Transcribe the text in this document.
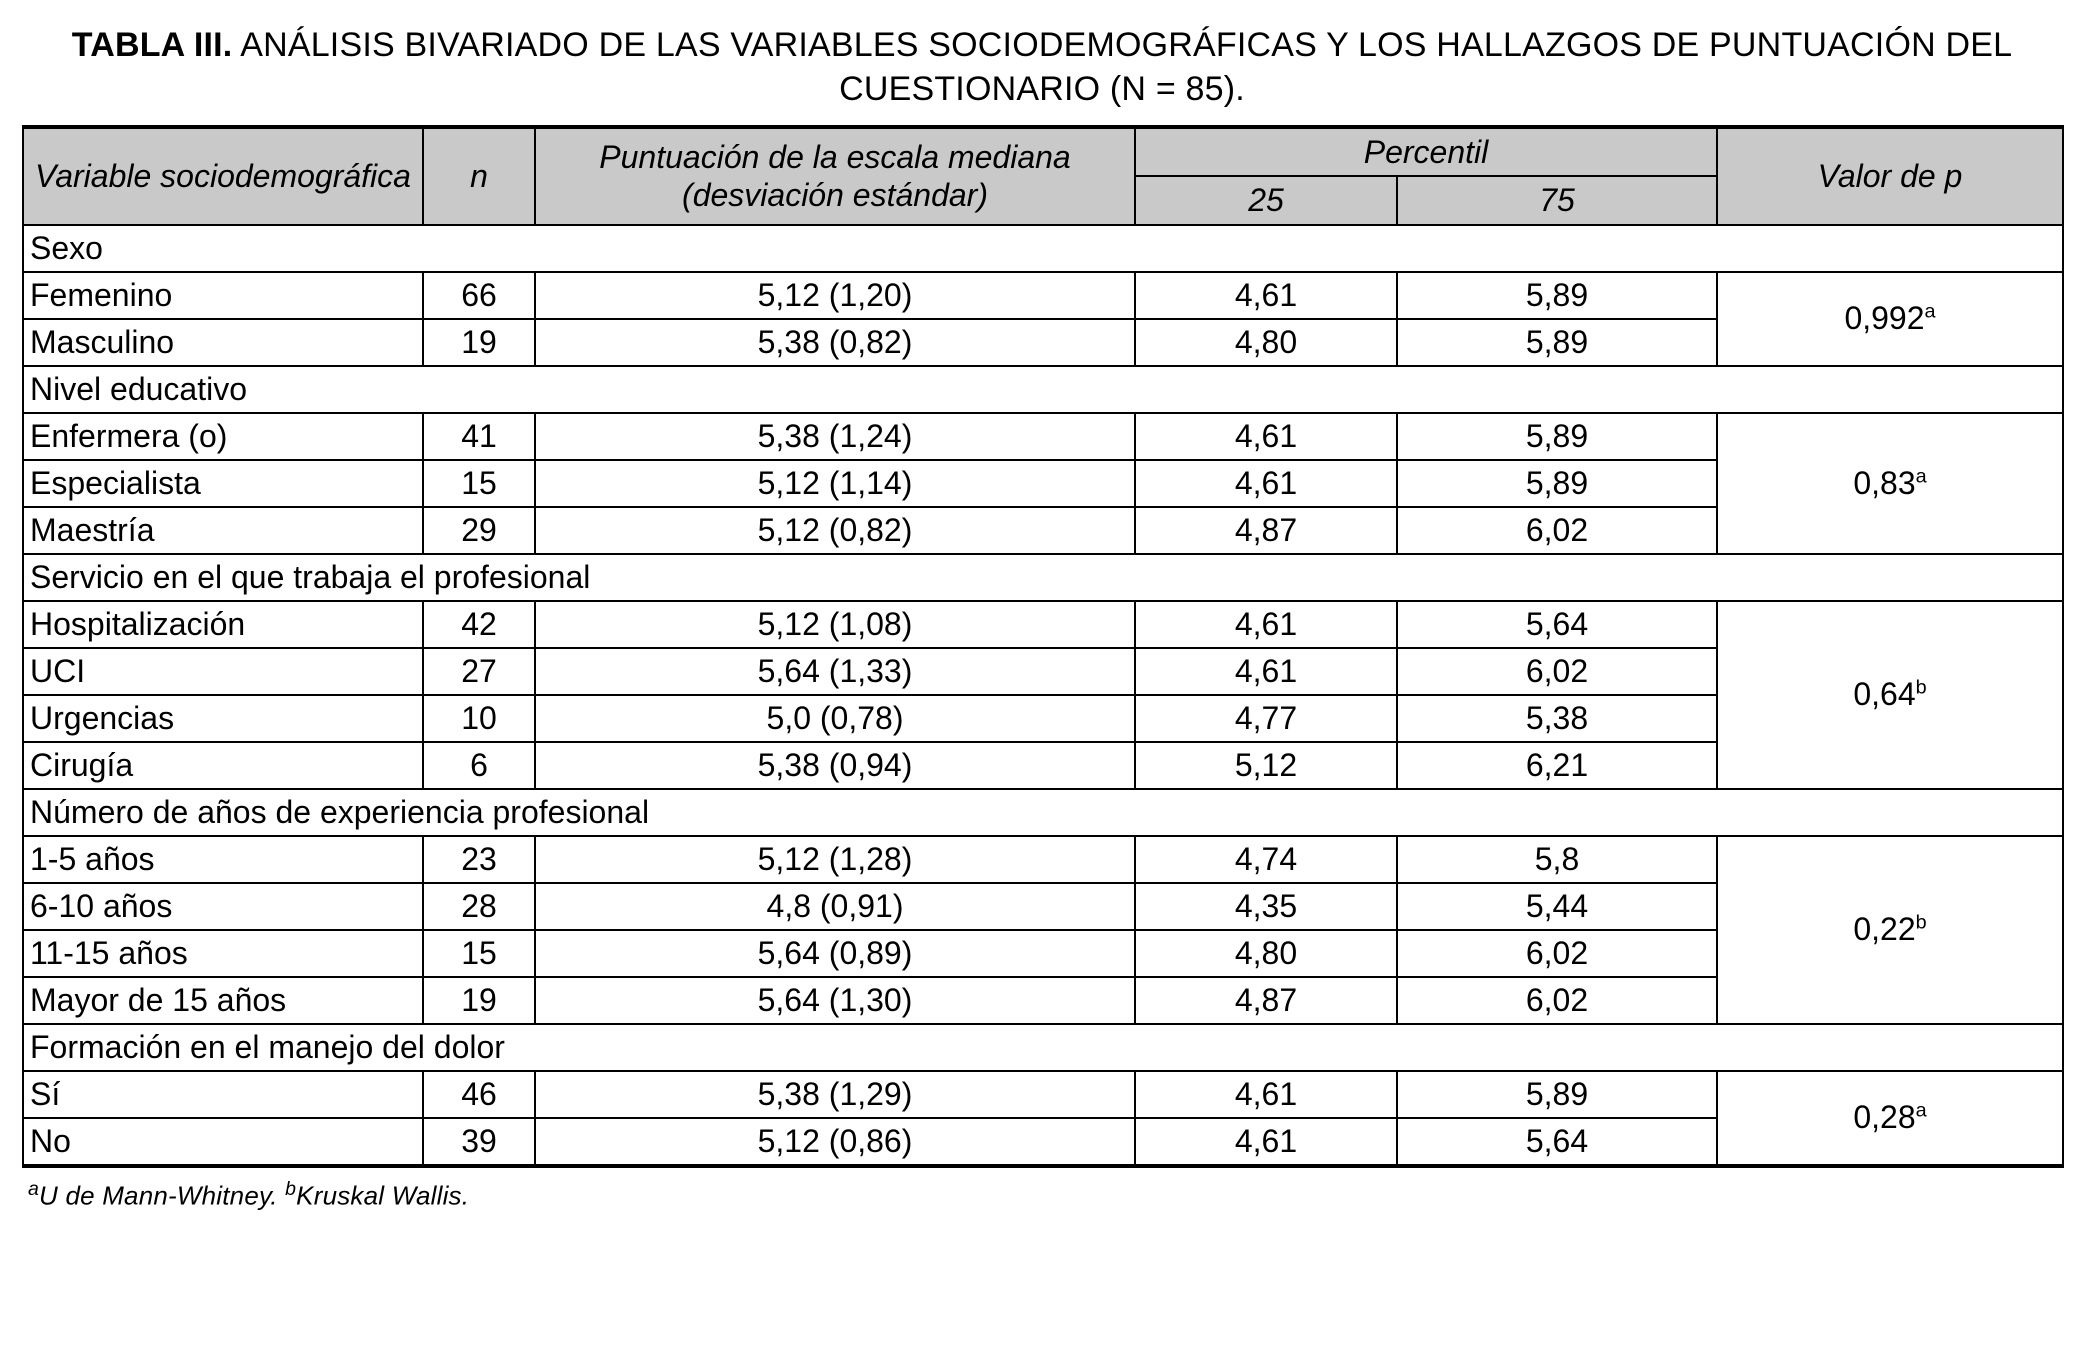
TABLA III. ANÁLISIS BIVARIADO DE LAS VARIABLES SOCIODEMOGRÁFICAS Y LOS HALLAZGOS DE PUNTUACIÓN DEL CUESTIONARIO (N = 85).
Variable sociodemográfica	n	Puntuación de la escala mediana (desviación estándar)	Percentil		Valor de p
			25	75	
Sexo					
Femenino	66	5,12 (1,20)	4,61	5,89	0,992$^a$
Masculino	19	5,38 (0,82)	4,80	5,89	
Nivel educativo					
Enfermera (o)	41	5,38 (1,24)	4,61	5,89	0,83$^a$
Especialista	15	5,12 (1,14)	4,61	5,89	
Maestría	29	5,12 (0,82)	4,87	6,02	
Servicio en el que trabaja el profesional					
Hospitalización	42	5,12 (1,08)	4,61	5,64	0,64$^b$
UCI	27	5,64 (1,33)	4,61	6,02	
Urgencias	10	5,0 (0,78)	4,77	5,38	
Cirugía	6	5,38 (0,94)	5,12	6,21	
Número de años de experiencia profesional					
1-5 años	23	5,12 (1,28)	4,74	5,8	0,22$^b$
6-10 años	28	4,8 (0,91)	4,35	5,44	
11-15 años	15	5,64 (0,89)	4,80	6,02	
Mayor de 15 años	19	5,64 (1,30)	4,87	6,02	
Formación en el manejo del dolor					
Sí	46	5,38 (1,29)	4,61	5,89	0,28$^a$
No	39	5,12 (0,86)	4,61	5,64	
$^a$U de Mann-Whitney. $^b$Kruskal Wallis.
